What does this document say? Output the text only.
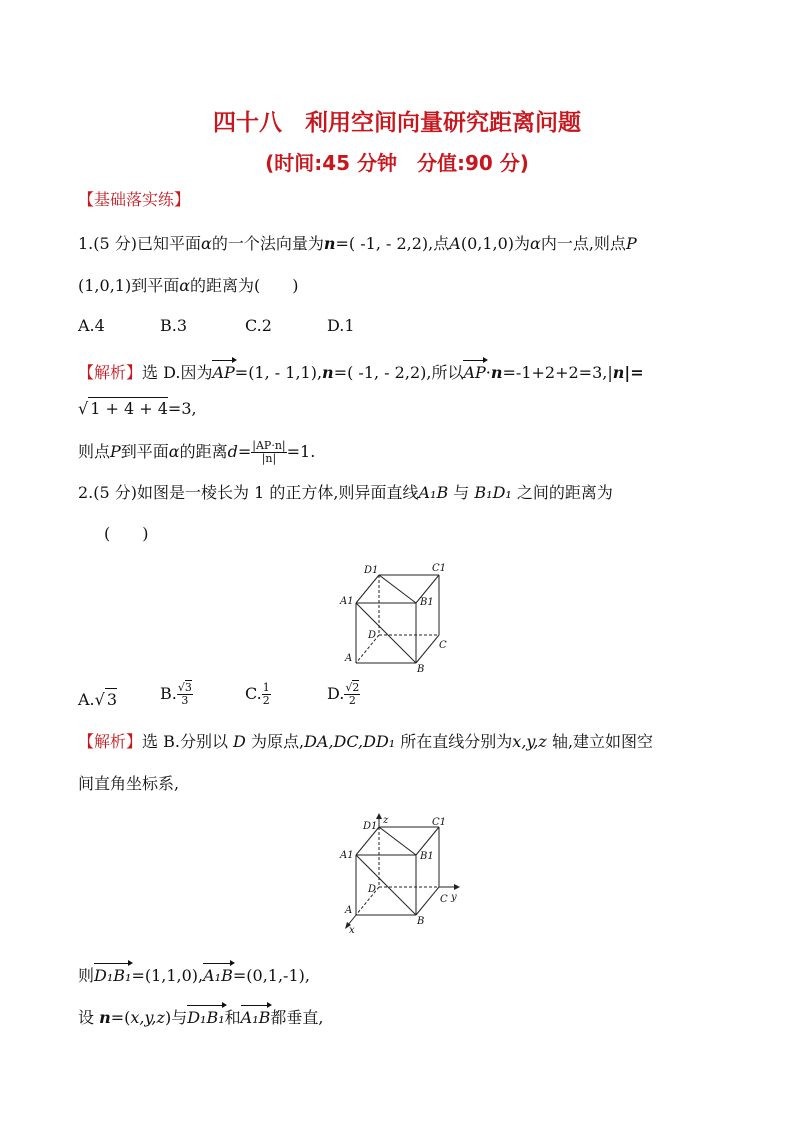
四十八　利用空间向量研究距离问题
(时间:45 分钟　分值:90 分)
【基础落实练】
1.(5 分)已知平面α的一个法向量为n=( -1, - 2,2),点A(0,1,0)为α内一点,则点P
(1,0,1)到平面α的距离为(　　)
A.4	B.3	C.2	D.1
【解析】选 D.因为AP=(1, - 1,1),n=( -1, - 2,2),所以AP·n=-1+2+2=3,|n|=
√ 1 + 4 + 4=3,
则点P到平面α的距离$d= \frac{|AP\cdot n|}{|n|} =1$.
2.(5 分)如图是一棱长为 1 的正方体,则异面直线A₁B 与 B₁D₁ 之间的距离为
(　　)
D1	C1
A1	B1
D
C
A
B
A.√ 3	B. $\frac{√3}{3}$	C. $\frac{1}{2}$	D. $\frac{√2}{2}$
【解析】选 B.分别以 D 为原点,DA,DC,DD₁ 所在直线分别为x,y,z 轴,建立如图空
间直角坐标系,
D1
z	C1
A1	B1
D
C y
A
B
x
则D₁B₁=(1,1,0),A₁B=(0,1,-1),
设 n=(x,y,z)与D₁B₁和A₁B都垂直,
